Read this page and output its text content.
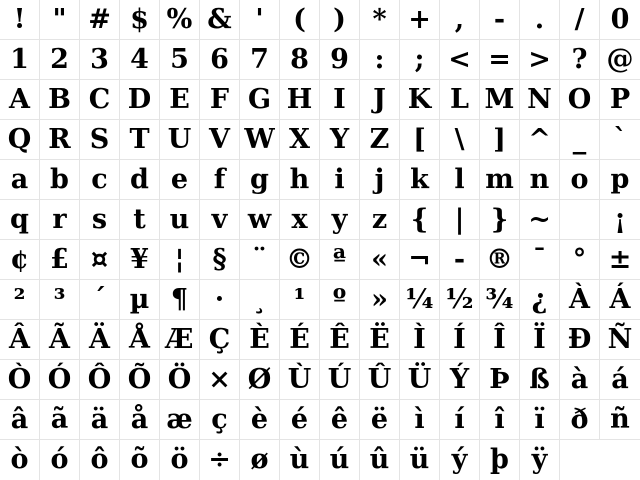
!	" # $ % & '	(	) * + ,	-	.	/ 0
1 2 3 4 5 6 7 8 9 :	; < = > ? @
A B C D E F G H I	J K L M N O P
Q R S T U V W X Y Z [	\	] ^ _	`
a b c d e f g h i	j k l m n o p
q r s t u v w x y z { | } ~	¡
¢ £ ¤ ¥ ¦	§ ¨ © ª « ¬ - ® ¯ ° ±
²	³	´ µ ¶ ·	¸	¹	º » ¼ ½ ¾ ¿ À Á
Â Ã Ä Å Æ Ç È É Ê Ë Ì	Í	Î	Ï Ð Ñ
Ò Ó Ô Õ Ö × Ø Ù Ú Û Ü Ý Þ ß à á
â ã ä å æ ç è é ê ë ì	í	î	ï ð ñ
ò ó ô õ ö ÷ ø ù ú û ü ý þ ÿ
